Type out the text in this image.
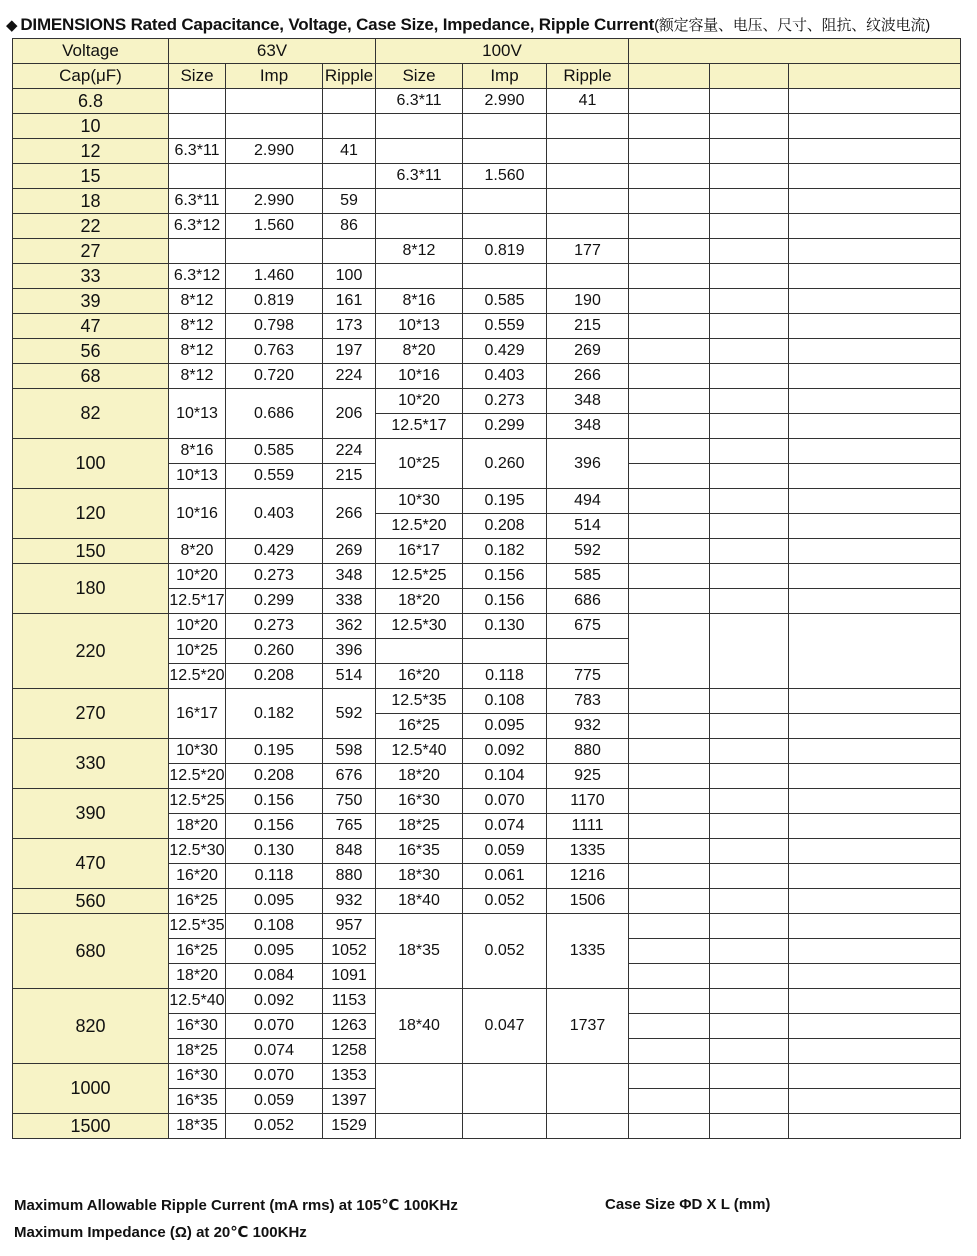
◆ DIMENSIONS Rated Capacitance, Voltage, Case Size, Impedance, Ripple Current(额定容量、电压、尺寸、阻抗、纹波电流)
Voltage	63V			100V					
Cap(μF)	Size	Imp	Ripple	Size	Imp	Ripple			
6.8				6.3*11	2.990	41			
10									
12	6.3*11	2.990	41						
15				6.3*11	1.560				
18	6.3*11	2.990	59						
22	6.3*12	1.560	86						
27				8*12	0.819	177			
33	6.3*12	1.460	100						
39	8*12	0.819	161	8*16	0.585	190			
47	8*12	0.798	173	10*13	0.559	215			
56	8*12	0.763	197	8*20	0.429	269			
68	8*12	0.720	224	10*16	0.403	266			
82	10*13	0.686	206	10*20	0.273	348			
				12.5*17	0.299	348			
100	8*16	0.585	224	10*25	0.260	396			
	10*13	0.559	215						
120	10*16	0.403	266	10*30	0.195	494			
				12.5*20	0.208	514			
150	8*20	0.429	269	16*17	0.182	592			
180	10*20	0.273	348	12.5*25	0.156	585			
	12.5*17	0.299	338	18*20	0.156	686			
220	10*20	0.273	362	12.5*30	0.130	675			
	10*25	0.260	396						
	12.5*20	0.208	514	16*20	0.118	775			
270	16*17	0.182	592	12.5*35	0.108	783			
				16*25	0.095	932			
330	10*30	0.195	598	12.5*40	0.092	880			
	12.5*20	0.208	676	18*20	0.104	925			
390	12.5*25	0.156	750	16*30	0.070	1170			
	18*20	0.156	765	18*25	0.074	1111			
470	12.5*30	0.130	848	16*35	0.059	1335			
	16*20	0.118	880	18*30	0.061	1216			
560	16*25	0.095	932	18*40	0.052	1506			
680	12.5*35	0.108	957	18*35	0.052	1335			
	16*25	0.095	1052						
	18*20	0.084	1091						
820	12.5*40	0.092	1153	18*40	0.047	1737			
	16*30	0.070	1263						
	18*25	0.074	1258						
1000	16*30	0.070	1353						
	16*35	0.059	1397						
1500	18*35	0.052	1529						
Maximum Allowable Ripple Current (mA rms) at 105℃ 100KHz	Case Size ΦD X L (mm)
Maximum Impedance (Ω) at 20℃ 100KHz
